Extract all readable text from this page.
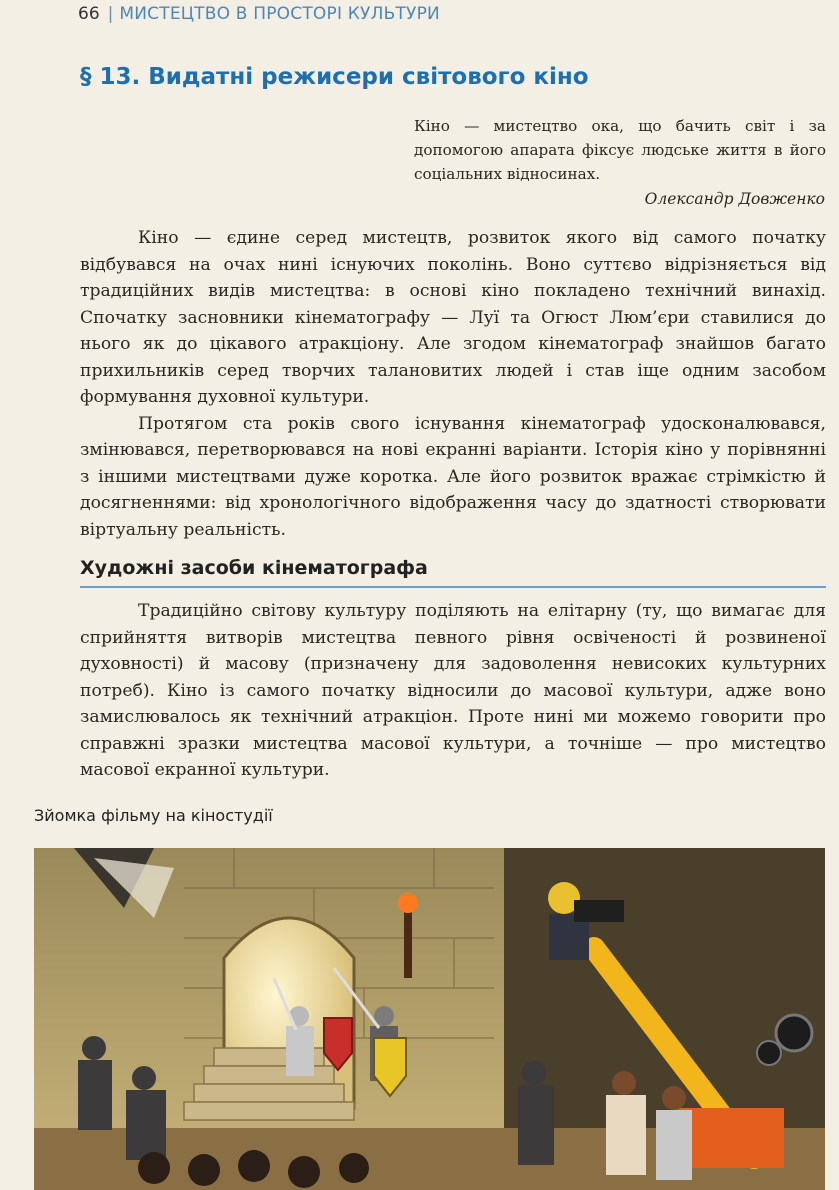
66 | МИСТЕЦТВО В ПРОСТОРІ КУЛЬТУРИ
§ 13. Видатні режисери світового кіно
Кіно — мистецтво ока, що бачить світ і за допомогою апарата фіксує людське життя в його соціальних відносинах.
Олександр Довженко

Кіно — єдине серед мистецтв, розвиток якого від самого початку відбувався на очах нині існуючих поколінь. Воно суттєво відрізняється від традиційних видів мистецтва: в основі кіно покладено технічний винахід. Спочатку засновники кінематографу — Луї та Огюст Люм’єри ставилися до нього як до цікавого атракціону. Але згодом кінематограф знайшов багато прихильників серед творчих талановитих людей і став іще одним засобом формування духовної культури.

Протягом ста років свого існування кінематограф удосконалювався, змінювався, перетворювався на нові екранні варіанти. Історія кіно у порівнянні з іншими мистецтвами дуже коротка. Але його розвиток вражає стрімкістю й досягненнями: від хронологічного відображення часу до здатності створювати віртуальну реальність.

Художні засоби кінематографа

Традиційно світову культуру поділяють на елітарну (ту, що вимагає для сприйняття витворів мистецтва певного рівня освіченості й розвиненої духовності) й масову (призначену для задоволення невисоких культурних потреб). Кіно із самого початку відносили до масової культури, адже воно замислювалось як технічний атракціон. Проте нині ми можемо говорити про справжні зразки мистецтва масової культури, а точніше — про мистецтво масової екранної культури.

Зйомка фільму на кіностудії
